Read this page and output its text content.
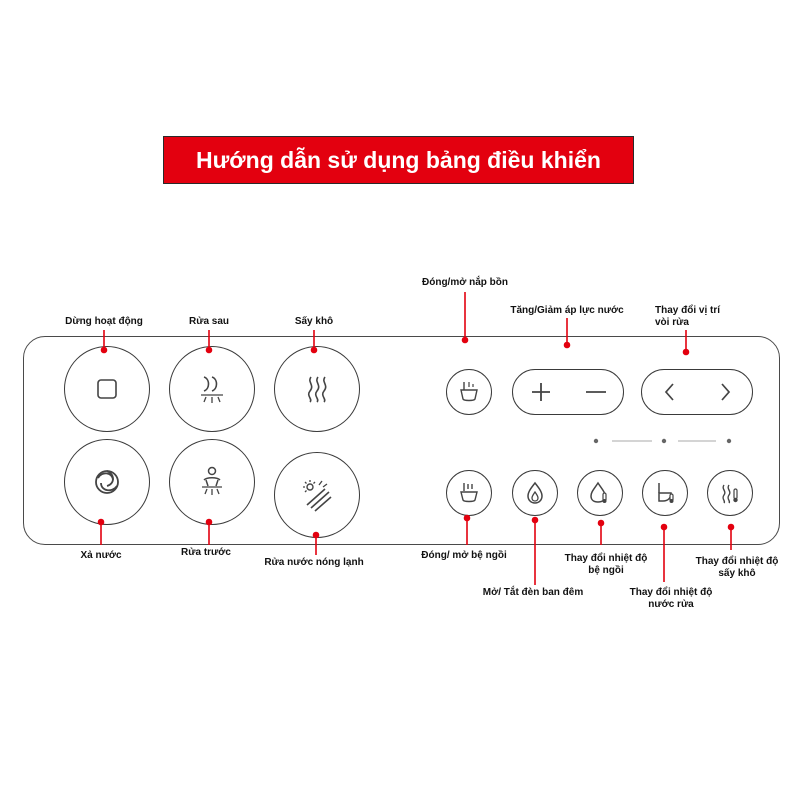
Hướng dẫn sử dụng bảng điều khiển
Dừng hoạt động	Rửa sau	Sấy khô
Đóng/mở nắp bồn
Tăng/Giảm áp lực nước	Thay đổi vị trí
vòi rửa
Xả nước	Rửa trước
Rửa nước nóng lạnh
Đóng/ mở bệ ngồi
Mở/ Tắt đèn ban đêm
Thay đổi nhiệt độ
bệ ngồi
Thay đổi nhiệt độ
nước rửa
Thay đổi nhiệt độ
sấy khô
